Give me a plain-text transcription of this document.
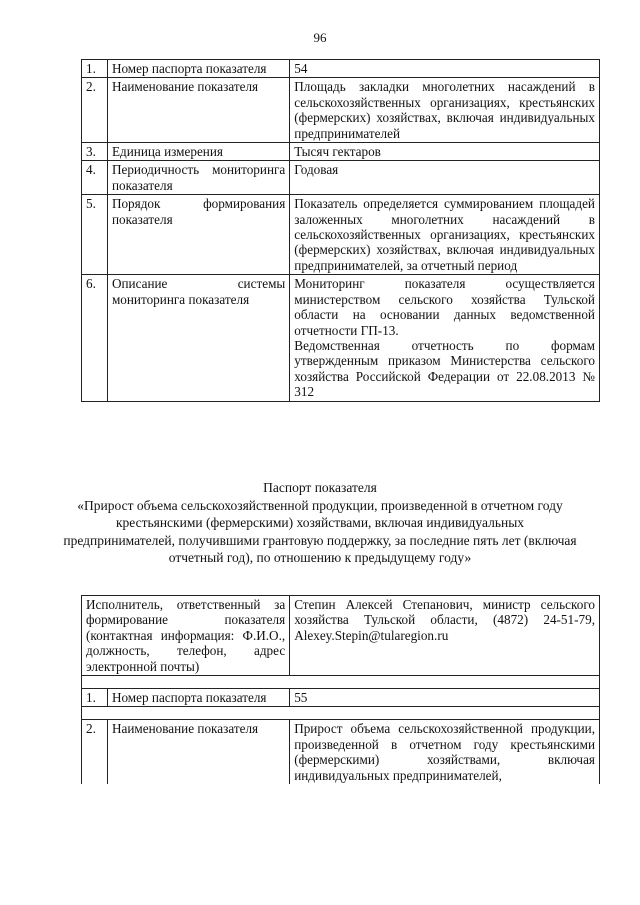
96
1.	Номер паспорта показателя	54
2.	Наименование показателя	Площадь закладки многолетних насаждений в сельскохозяйственных организациях, крестьянских (фермерских) хозяйствах, включая индивидуальных предпринимателей
3.	Единица измерения	Тысяч гектаров
4.	Периодичность мониторинга показателя	Годовая
5.	Порядок формирования показателя	Показатель определяется суммированием площадей заложенных многолетних насаждений в сельскохозяйственных организациях, крестьянских (фермерских) хозяйствах, включая индивидуальных предпринимателей, за отчетный период
6.	Описание системы мониторинга показателя	Мониторинг показателя осуществляется министерством сельского хозяйства Тульской области на основании данных ведомственной отчетности ГП-13.
Ведомственная отчетность по формам утвержденным приказом Министерства сельского хозяйства Российской Федерации от 22.08.2013 № 312
Паспорт показателя
«Прирост объема сельскохозяйственной продукции, произведенной в отчетном году крестьянскими (фермерскими) хозяйствами, включая индивидуальных предпринимателей, получившими грантовую поддержку, за последние пять лет (включая отчетный год), по отношению к предыдущему году»
Исполнитель, ответственный за формирование показателя (контактная информация: Ф.И.О., должность, телефон, адрес электронной почты)		Степин Алексей Степанович, министр сельского хозяйства Тульской области, (4872) 24-51-79, Alexey.Stepin@tularegion.ru

1.	Номер паспорта показателя	55

2.	Наименование показателя	Прирост объема сельскохозяйственной продукции, произведенной в отчетном году крестьянскими (фермерскими) хозяйствами, включая индивидуальных предпринимателей,
